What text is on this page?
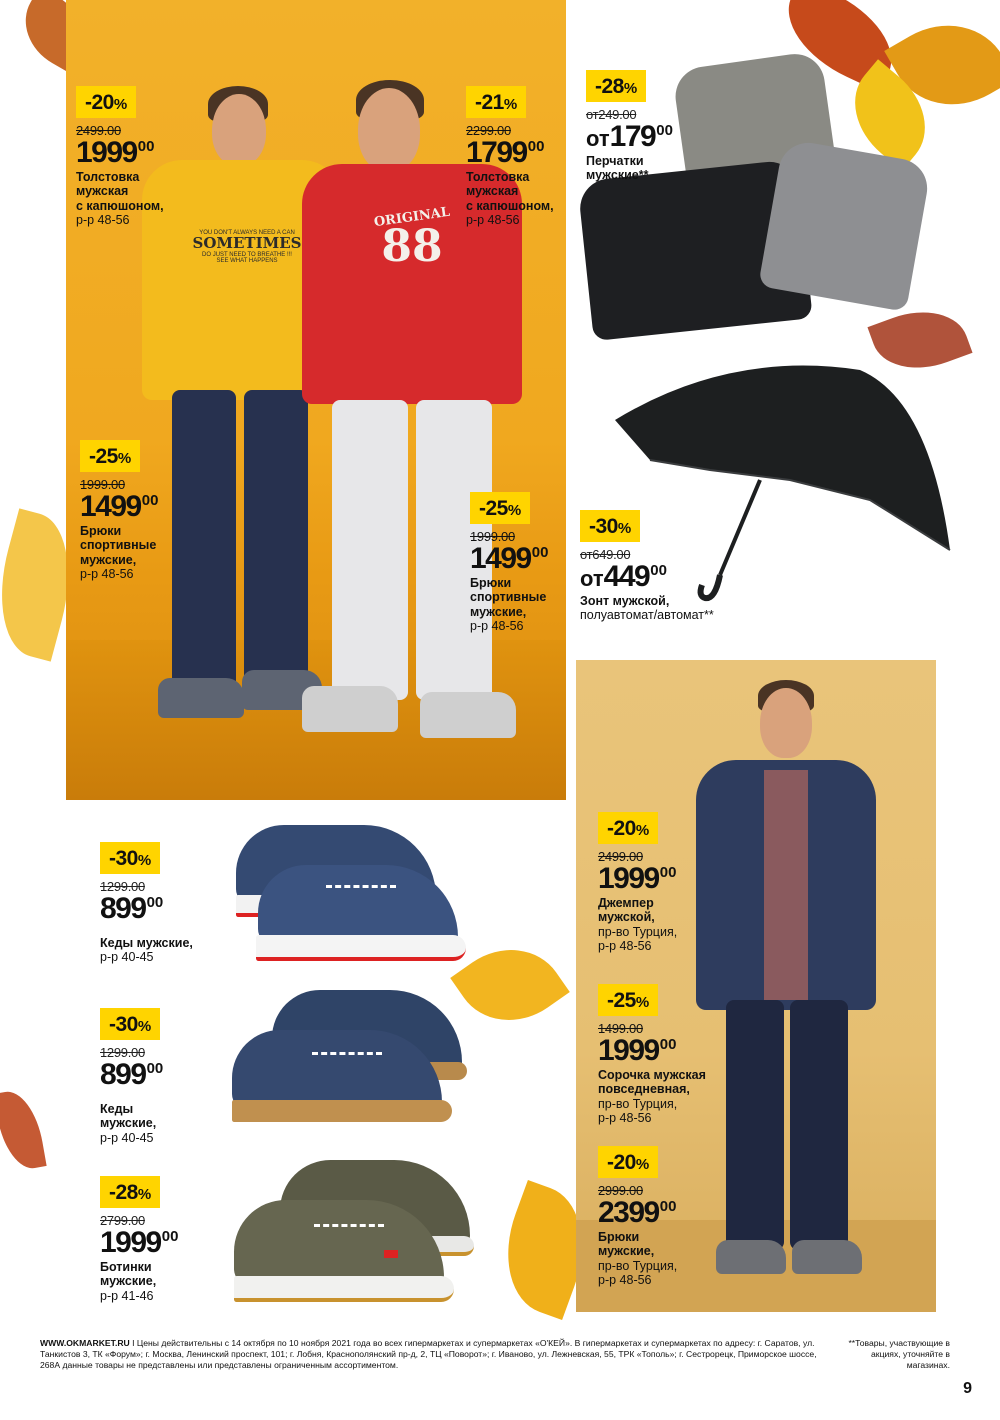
YOU DON'T ALWAYS NEED A CAN
SOMETIMES
DO JUST NEED TO BREATHE !!!
SEE WHAT HAPPENS
ORIGINAL
88
-20%
2499.00
1999$^{00}$
Толстовка
мужская
с капюшоном,
р-р 48-56
-21%
2299.00
1799$^{00}$
Толстовка
мужская
с капюшоном,
р-р 48-56
-25%
1999.00
1499$^{00}$
Брюки
спортивные
мужские,
р-р 48-56
-25%
1999.00
1499$^{00}$
Брюки
спортивные
мужские,
р-р 48-56
-28%
от249.00
$от179^{00}$
Перчатки
мужские**
-30%
от649.00
$от449^{00}$
Зонт мужской,
полуавтомат/автомат**
-20%
2499.00
1999$^{00}$
Джемпер
мужской,
пр-во Турция,
р-р 48-56
-25%
1499.00
1999$^{00}$
Сорочка мужская
повседневная,
пр-во Турция,
р-р 48-56
-20%
2999.00
2399$^{00}$
Брюки
мужские,
пр-во Турция,
р-р 48-56
-30%
1299.00
$899^{00}$
Кеды мужские,
р-р 40-45
-30%
1299.00
$899^{00}$
Кеды
мужские,
р-р 40-45
-28%
2799.00
1999$^{00}$
Ботинки
мужские,
р-р 41-46
WWW.OKMARKET.RU I Цены действительны с 14 октября по 10 ноября 2021 года во всех гипермаркетах и супермаркетах «О'КЕЙ». В гипермаркетах и супермаркетах по адресу: г. Саратов, ул. Танкистов 3, ТК «Форум»; г. Москва, Ленинский проспект, 101; г. Лобня, Краснополянский пр-д, 2, ТЦ «Поворот»; г. Иваново, ул. Лежневская, 55, ТРК «Тополь»; г. Сестрорецк, Приморское шоссе, 268А данные товары не представлены или представлены ограниченным ассортиментом.
**Товары, участвующие в акциях, уточняйте в магазинах.
9
